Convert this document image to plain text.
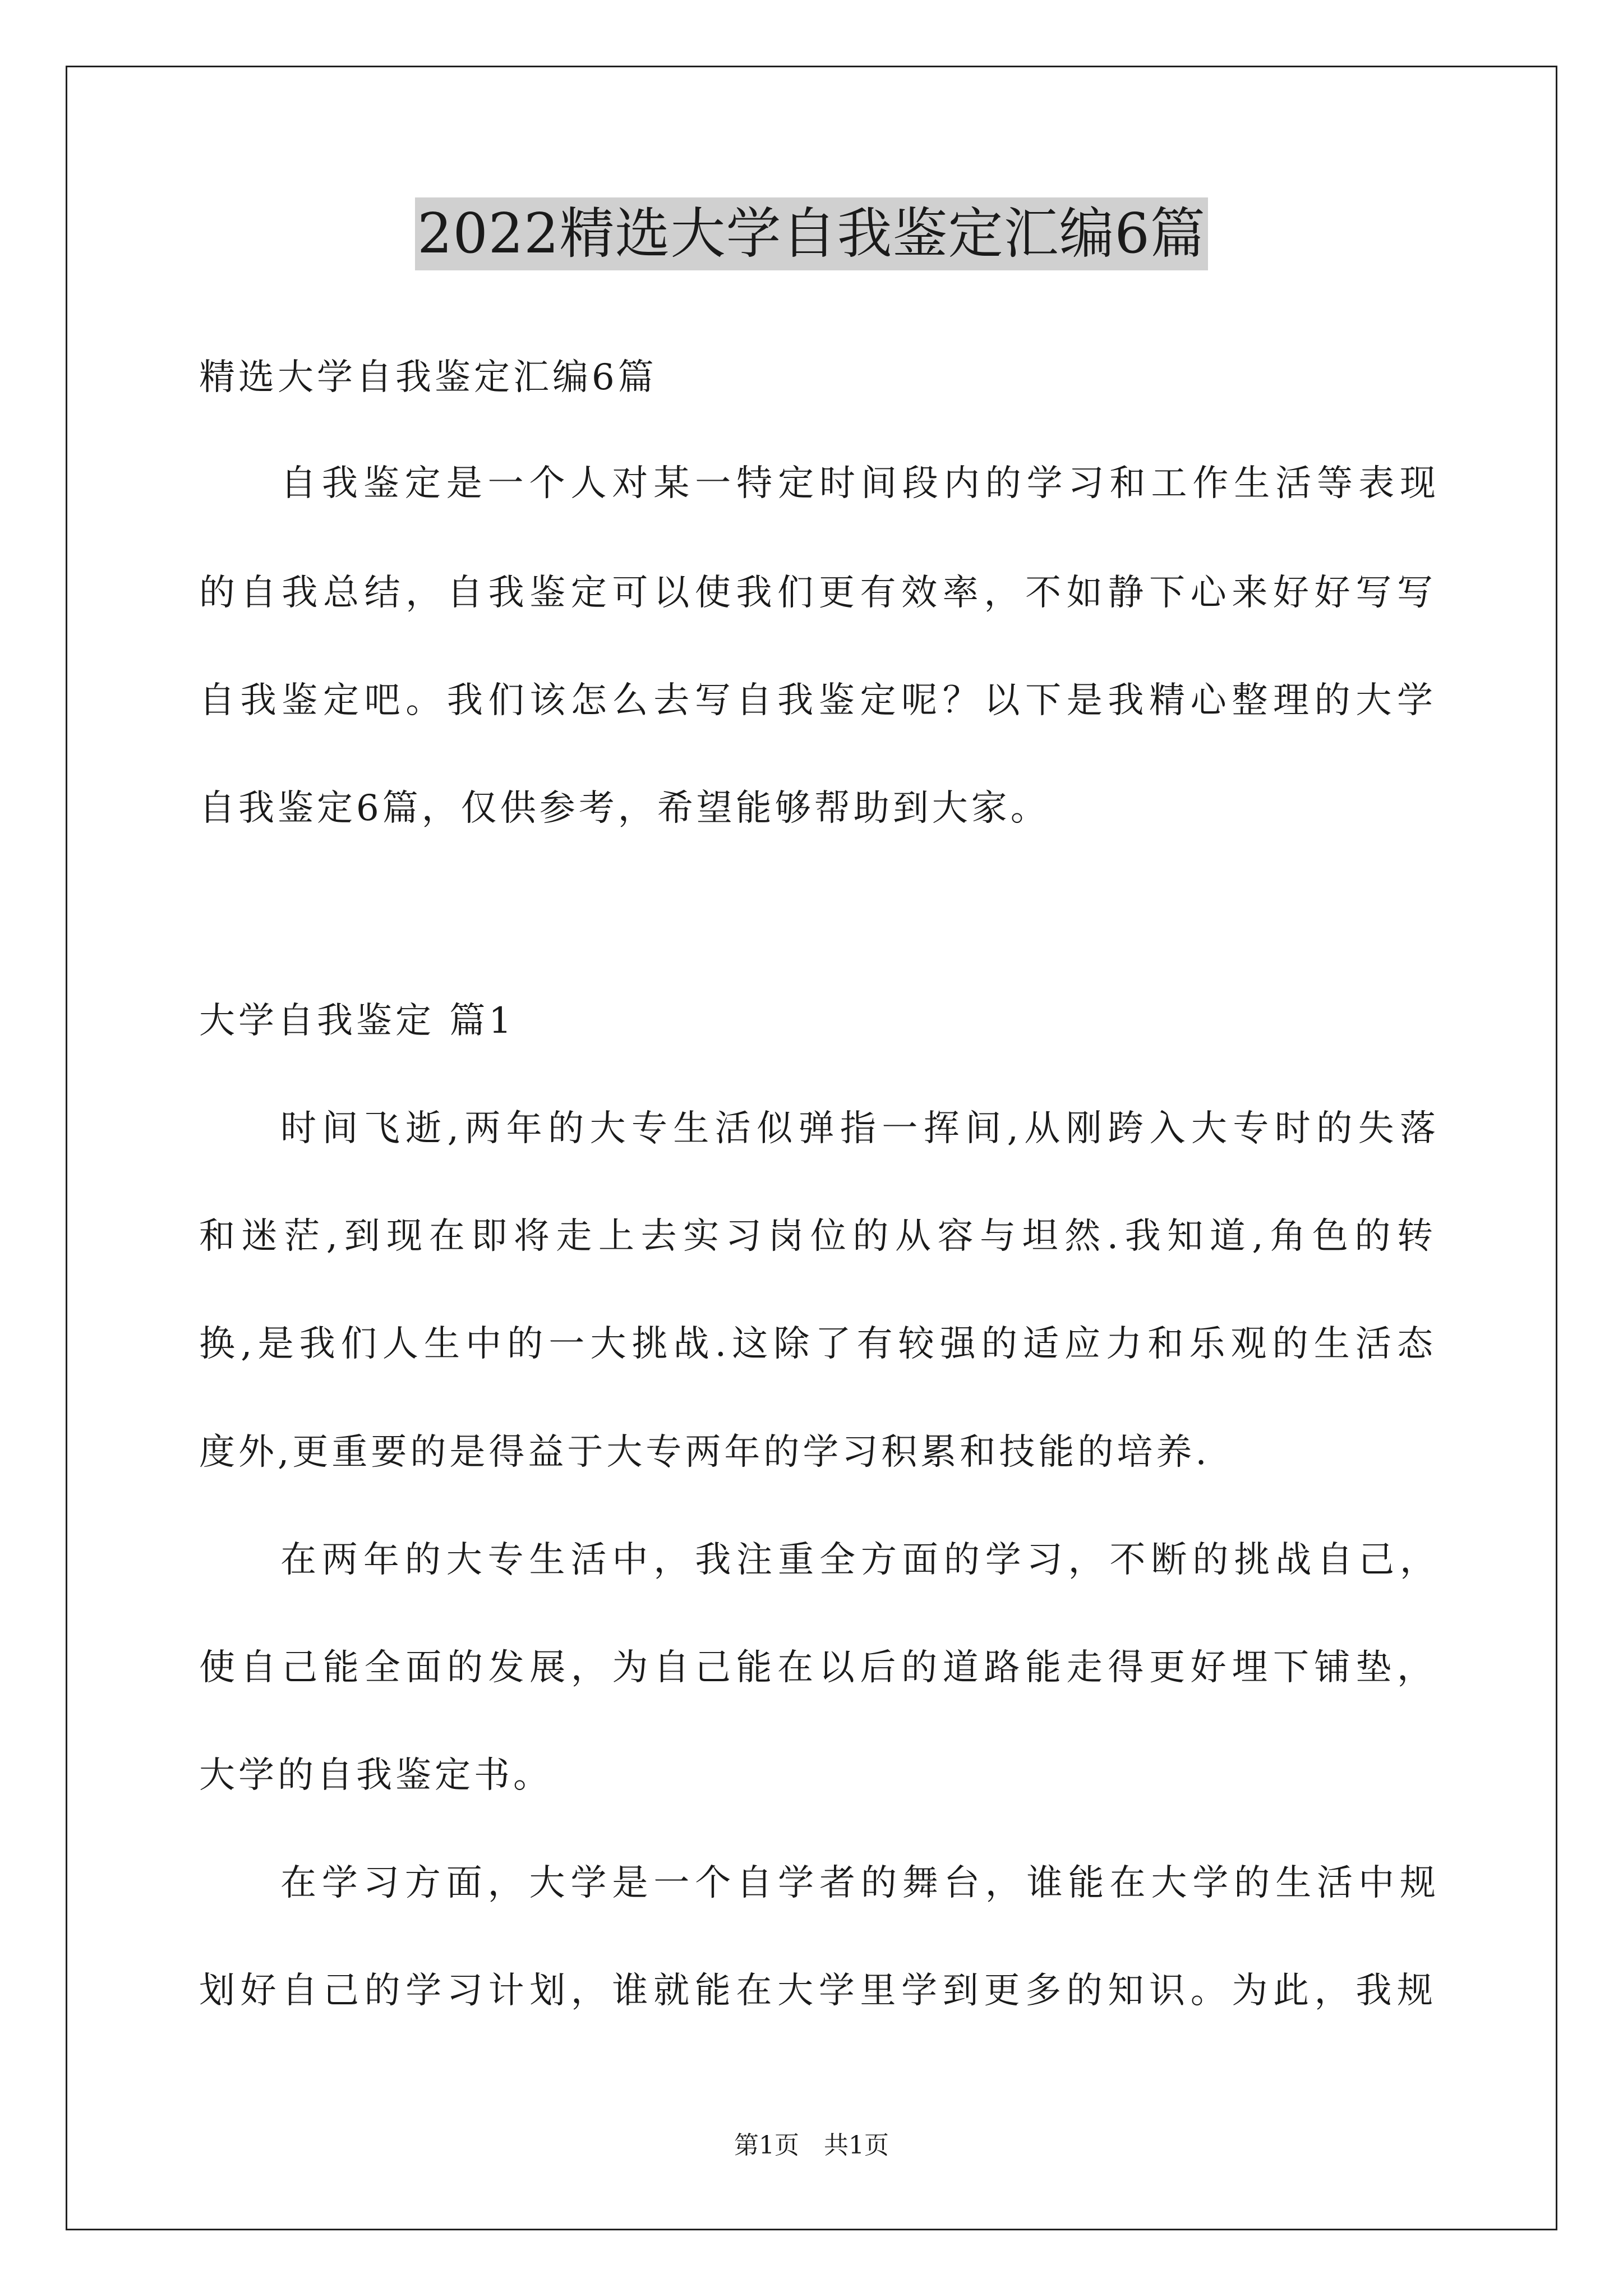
2022精选大学自我鉴定汇编6篇
精选大学自我鉴定汇编6篇
自我鉴定是一个人对某一特定时间段内的学习和工作生活等表现
的自我总结，自我鉴定可以使我们更有效率，不如静下心来好好写写
自我鉴定吧。我们该怎么去写自我鉴定呢？以下是我精心整理的大学
自我鉴定6篇，仅供参考，希望能够帮助到大家。
大学自我鉴定 篇1
时间飞逝,两年的大专生活似弹指一挥间,从刚跨入大专时的失落
和迷茫,到现在即将走上去实习岗位的从容与坦然.我知道,角色的转
换,是我们人生中的一大挑战.这除了有较强的适应力和乐观的生活态
度外,更重要的是得益于大专两年的学习积累和技能的培养.
在两年的大专生活中，我注重全方面的学习，不断的挑战自己，
使自己能全面的发展，为自己能在以后的道路能走得更好埋下铺垫，
大学的自我鉴定书。
在学习方面，大学是一个自学者的舞台，谁能在大学的生活中规
划好自己的学习计划，谁就能在大学里学到更多的知识。为此，我规
第1页 共1页
